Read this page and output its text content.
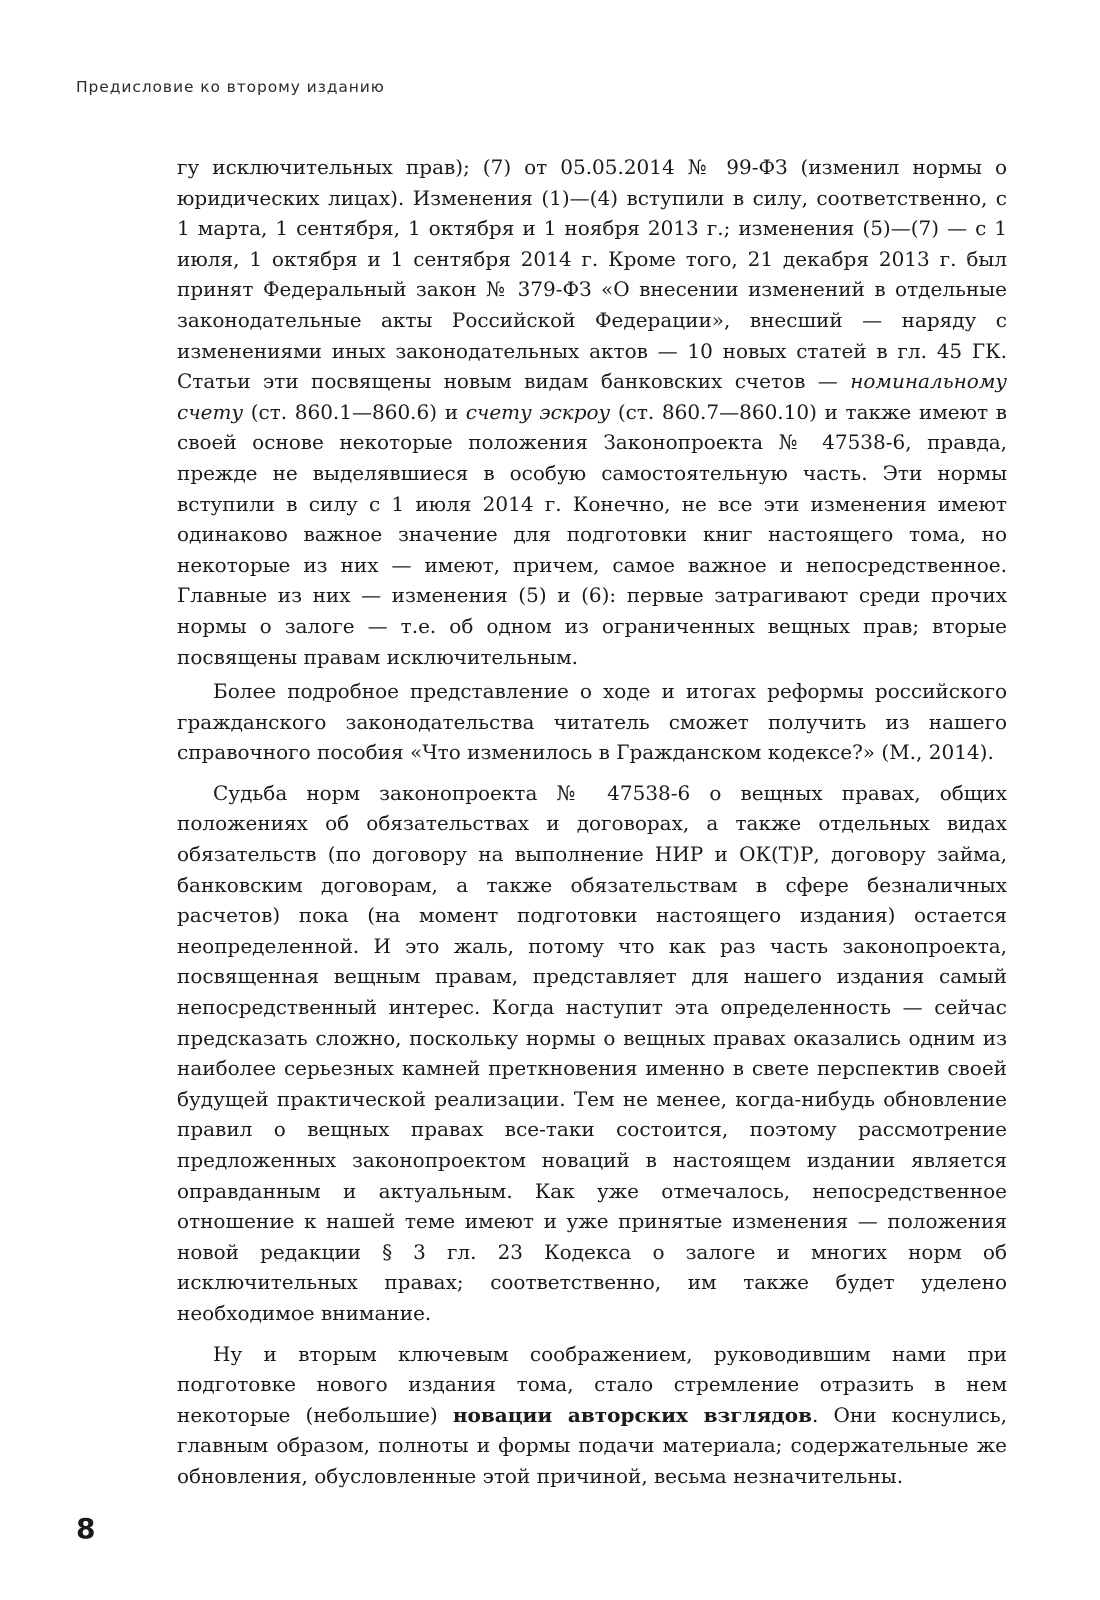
Предисловие ко второму изданию

гу исключительных прав); (7) от 05.05.2014 № 99-ФЗ (изменил нормы о юридических лицах). Изменения (1)—(4) вступили в силу, соответственно, с 1 марта, 1 сентября, 1 октября и 1 ноября 2013 г.; изменения (5)—(7) — с 1 июля, 1 октября и 1 сентября 2014 г. Кроме того, 21 декабря 2013 г. был принят Федеральный закон № 379-ФЗ «О внесении изменений в отдельные законодательные акты Российской Федерации», внесший — наряду с изменениями иных законодательных актов — 10 новых статей в гл. 45 ГК. Статьи эти посвящены новым видам банковских счетов — номинальному счету (ст. 860.1—860.6) и счету эскроу (ст. 860.7—860.10) и также имеют в своей основе некоторые положения Законопроекта № 47538-6, правда, прежде не выделявшиеся в особую самостоятельную часть. Эти нормы вступили в силу с 1 июля 2014 г. Конечно, не все эти изменения имеют одинаково важное значение для подготовки книг настоящего тома, но некоторые из них — имеют, причем, самое важное и непосредственное. Главные из них — изменения (5) и (6): первые затрагивают среди прочих нормы о залоге — т.е. об одном из ограниченных вещных прав; вторые посвящены правам исключительным.

Более подробное представление о ходе и итогах реформы российского гражданского законодательства читатель сможет получить из нашего справочного пособия «Что изменилось в Гражданском кодексе?» (М., 2014).

Судьба норм законопроекта № 47538-6 о вещных правах, общих положениях об обязательствах и договорах, а также отдельных видах обязательств (по договору на выполнение НИР и ОК(Т)Р, договору займа, банковским договорам, а также обязательствам в сфере безналичных расчетов) пока (на момент подготовки настоящего издания) остается неопределенной. И это жаль, потому что как раз часть законопроекта, посвященная вещным правам, представляет для нашего издания самый непосредственный интерес. Когда наступит эта определенность — сейчас предсказать сложно, поскольку нормы о вещных правах оказались одним из наиболее серьезных камней преткновения именно в свете перспектив своей будущей практической реализации. Тем не менее, когда-нибудь обновление правил о вещных правах все-таки состоится, поэтому рассмотрение предложенных законопроектом новаций в настоящем издании является оправданным и актуальным. Как уже отмечалось, непосредственное отношение к нашей теме имеют и уже принятые изменения — положения новой редакции § 3 гл. 23 Кодекса о залоге и многих норм об исключительных правах; соответственно, им также будет уделено необходимое внимание.

Ну и вторым ключевым соображением, руководившим нами при подготовке нового издания тома, стало стремление отразить в нем некоторые (небольшие) новации авторских взглядов. Они коснулись, главным образом, полноты и формы подачи материала; содержательные же обновления, обусловленные этой причиной, весьма незначительны.

8
